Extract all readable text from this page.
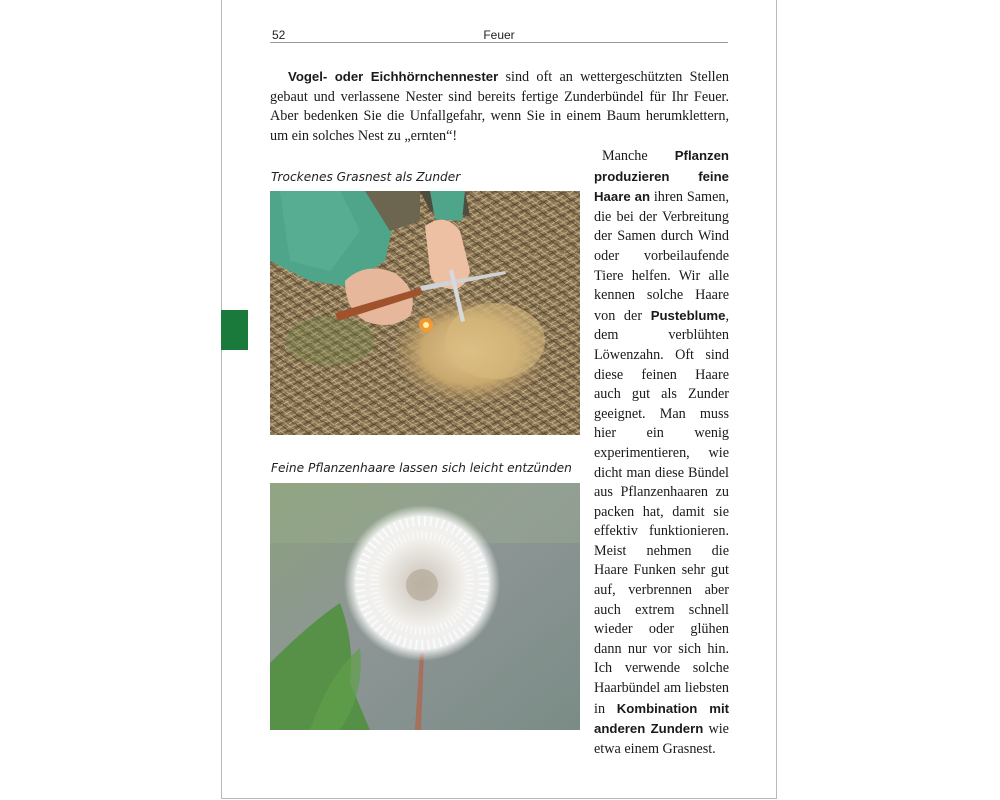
52	Feuer

Vogel- oder Eichhörnchennester sind oft an wettergeschützten Stellen gebaut und verlassene Nester sind bereits fertige Zunderbündel für Ihr Feuer. Aber bedenken Sie die Unfallgefahr, wenn Sie in einem Baum herumklettern, um ein solches Nest zu „ernten“!

Trockenes Grasnest als Zunder
Feine Pflanzenhaare lassen sich leicht entzünden

Manche Pflanzen produzieren feine Haare an ihren Samen, die bei der Verbreitung der Samen durch Wind oder vorbeilaufende Tiere helfen. Wir alle kennen solche Haare von der Pusteblume, dem verblühten Löwenzahn. Oft sind diese feinen Haare auch gut als Zunder geeignet. Man muss hier ein wenig experimentieren, wie dicht man diese Bündel aus Pflanzenhaaren zu packen hat, damit sie effektiv funktionieren. Meist nehmen die Haare Funken sehr gut auf, verbrennen aber auch extrem schnell wieder oder glühen dann nur vor sich hin. Ich verwende solche Haarbündel am liebsten in Kombination mit anderen Zundern wie etwa einem Grasnest.
